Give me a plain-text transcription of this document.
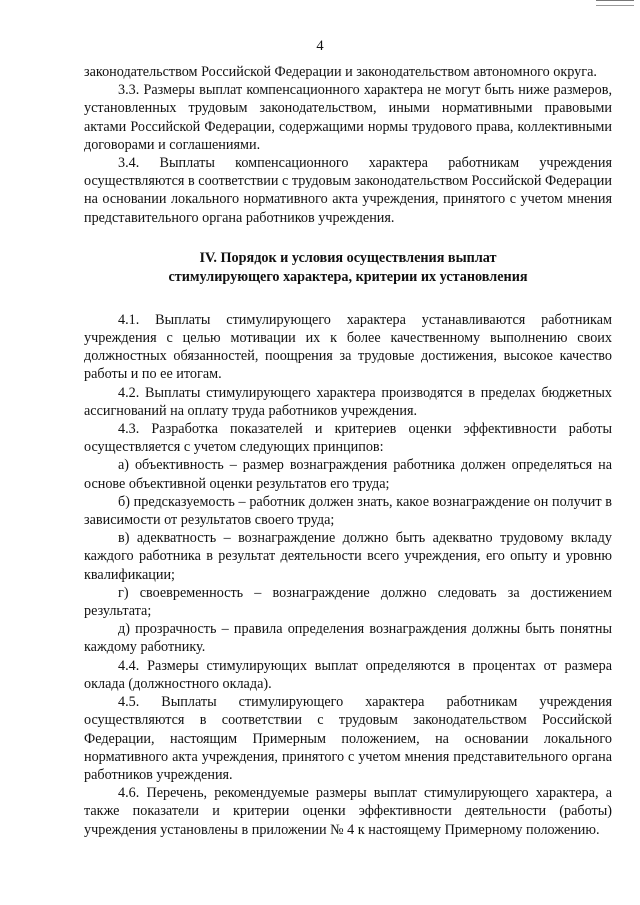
4

законодательством Российской Федерации и законодательством автономного округа.

3.3. Размеры выплат компенсационного характера не могут быть ниже размеров, установленных трудовым законодательством, иными нормативными правовыми актами Российской Федерации, содержащими нормы трудового права, коллективными договорами и соглашениями.

3.4. Выплаты компенсационного характера работникам учреждения осуществляются в соответствии с трудовым законодательством Российской Федерации на основании локального нормативного акта учреждения, принятого с учетом мнения представительного органа работников учреждения.

IV. Порядок и условия осуществления выплат
стимулирующего характера, критерии их установления

4.1. Выплаты стимулирующего характера устанавливаются работникам учреждения с целью мотивации их к более качественному выполнению своих должностных обязанностей, поощрения за трудовые достижения, высокое качество работы и по ее итогам.

4.2. Выплаты стимулирующего характера производятся в пределах бюджетных ассигнований на оплату труда работников учреждения.

4.3. Разработка показателей и критериев оценки эффективности работы осуществляется с учетом следующих принципов:

а) объективность – размер вознаграждения работника должен определяться на основе объективной оценки результатов его труда;

б) предсказуемость – работник должен знать, какое вознаграждение он получит в зависимости от результатов своего труда;

в) адекватность – вознаграждение должно быть адекватно трудовому вкладу каждого работника в результат деятельности всего учреждения, его опыту и уровню квалификации;

г) своевременность – вознаграждение должно следовать за достижением результата;

д) прозрачность – правила определения вознаграждения должны быть понятны каждому работнику.

4.4. Размеры стимулирующих выплат определяются в процентах от размера оклада (должностного оклада).

4.5. Выплаты стимулирующего характера работникам учреждения осуществляются в соответствии с трудовым законодательством Российской Федерации, настоящим Примерным положением, на основании локального нормативного акта учреждения, принятого с учетом мнения представительного органа работников учреждения.

4.6. Перечень, рекомендуемые размеры выплат стимулирующего характера, а также показатели и критерии оценки эффективности деятельности (работы) учреждения установлены в приложении № 4 к настоящему Примерному положению.
